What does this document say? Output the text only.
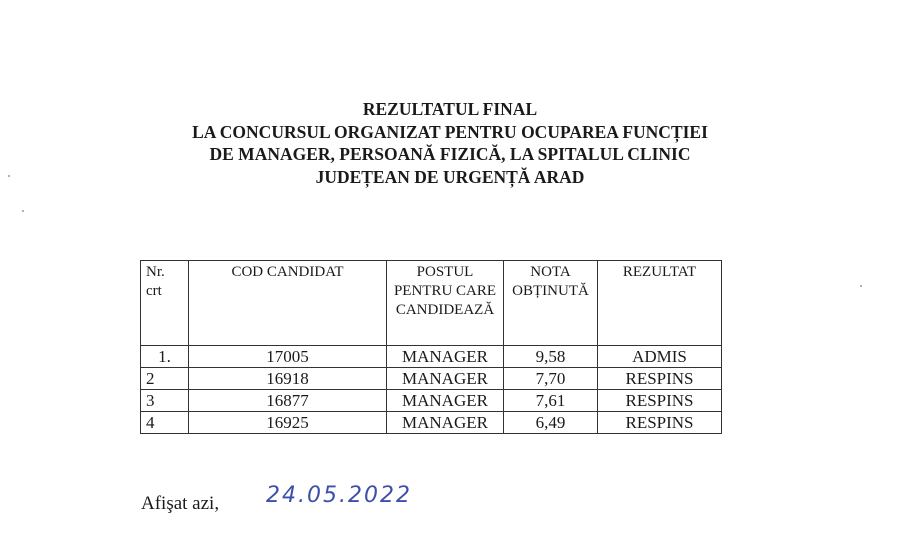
REZULTATUL FINAL
LA CONCURSUL ORGANIZAT PENTRU OCUPAREA FUNCȚIEI
DE MANAGER, PERSOANĂ FIZICĂ, LA SPITALUL CLINIC
JUDEȚEAN DE URGENȚĂ ARAD
Nr. crt	COD CANDIDAT	POSTUL PENTRU CARE CANDIDEAZĂ	NOTA OBȚINUTĂ	REZULTAT
1.	17005	MANAGER	9,58	ADMIS
2	16918	MANAGER	7,70	RESPINS
3	16877	MANAGER	7,61	RESPINS
4	16925	MANAGER	6,49	RESPINS
Afişat azi, 24.05.2022
